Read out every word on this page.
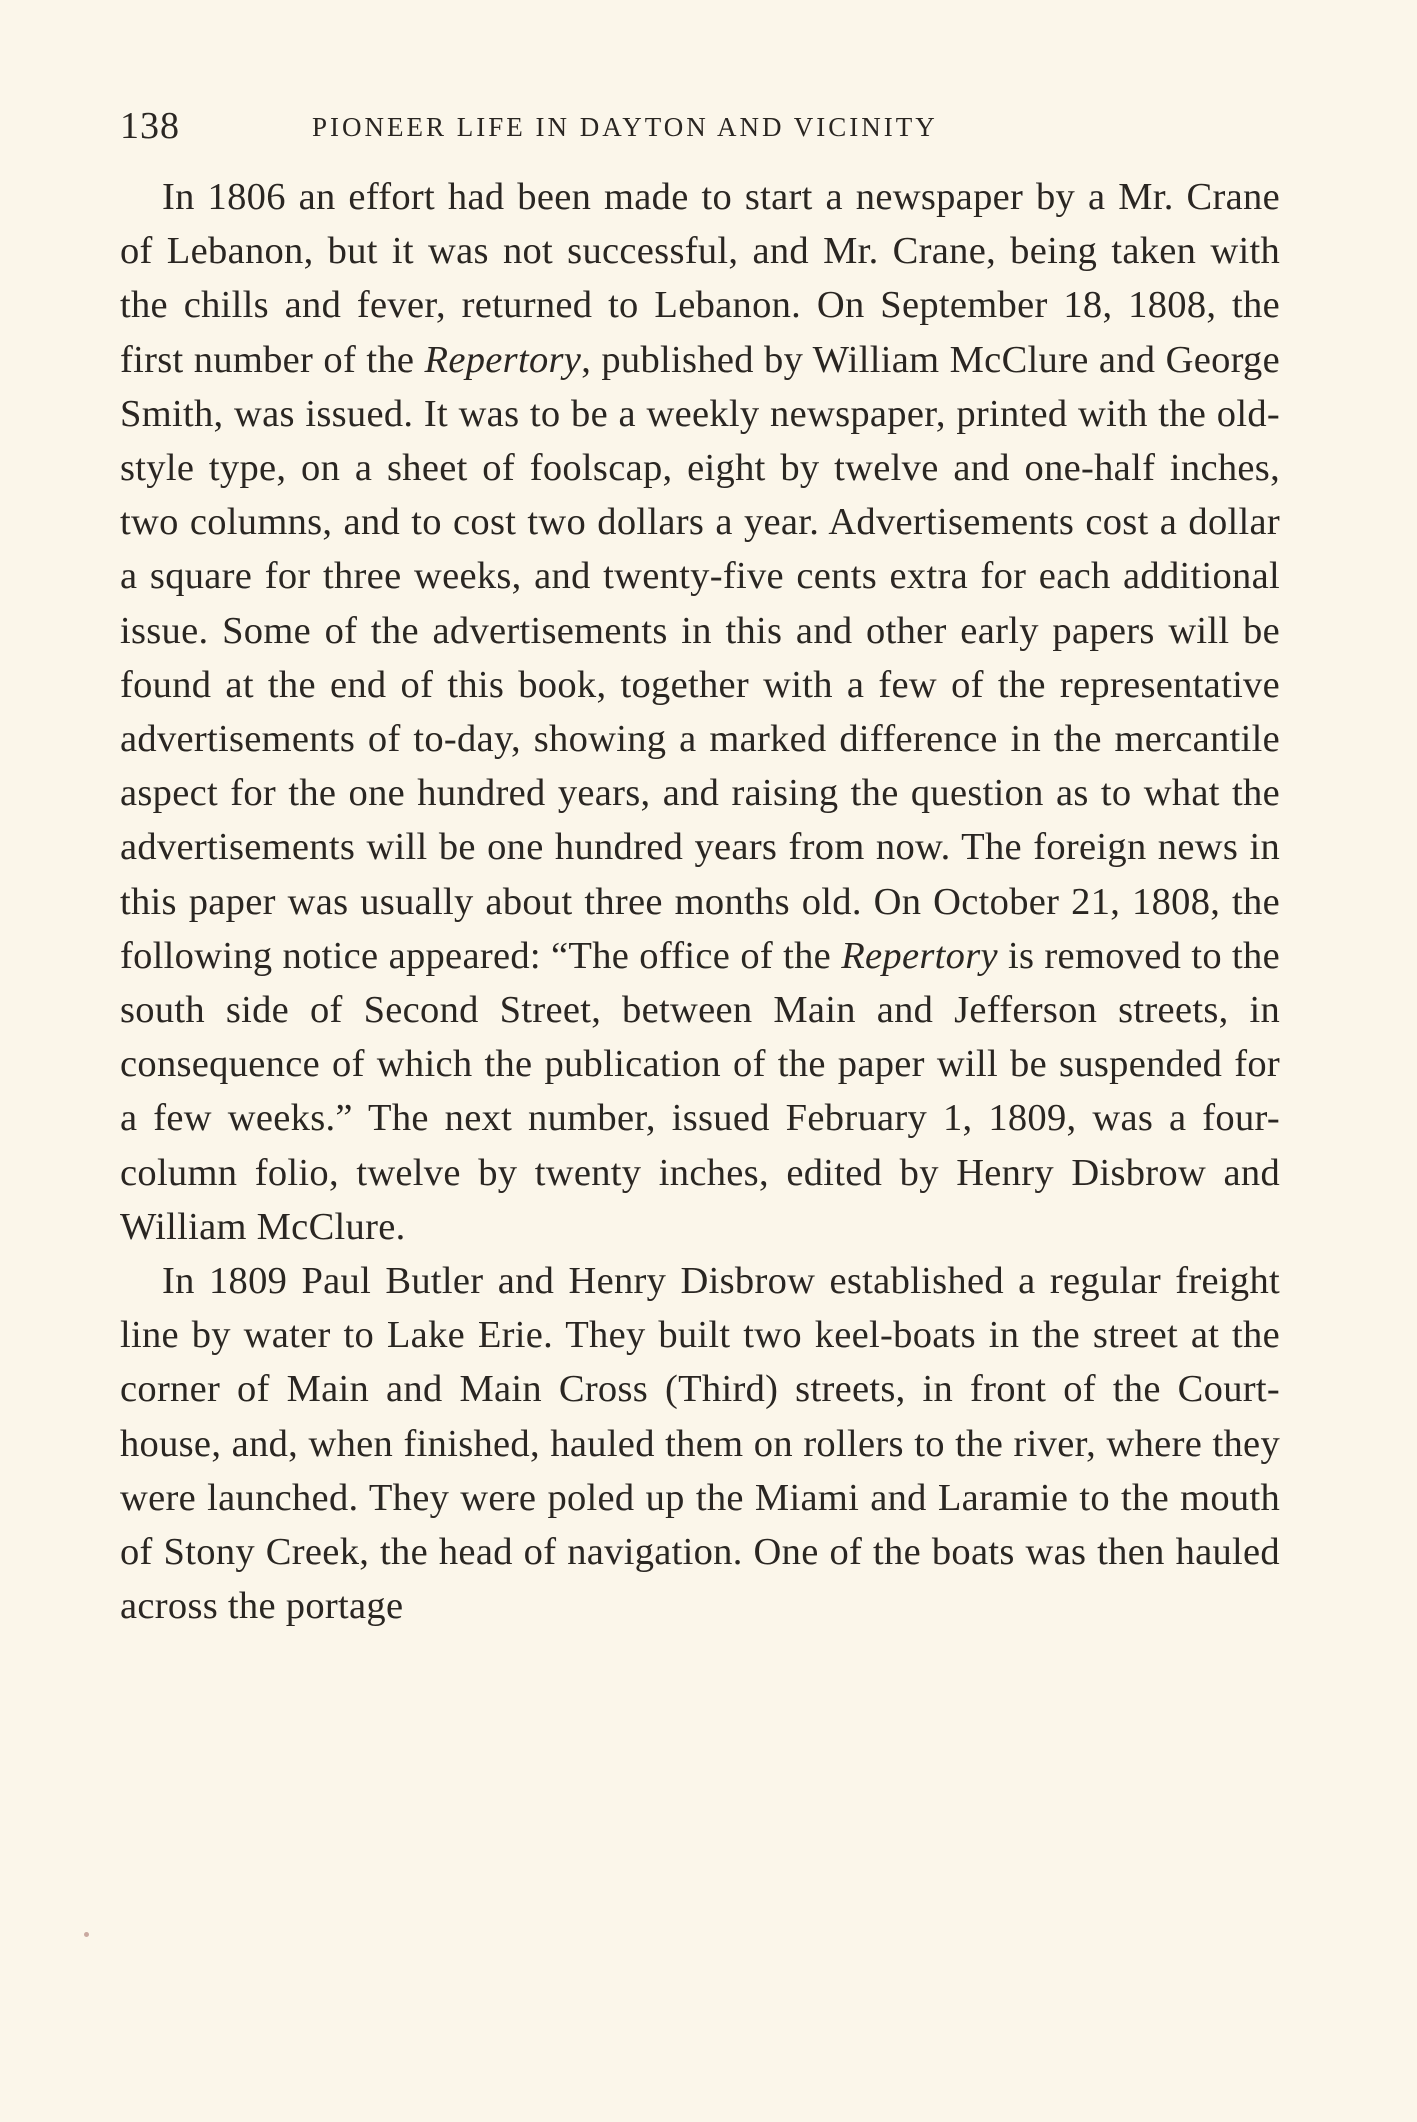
138	PIONEER LIFE IN DAYTON AND VICINITY

In 1806 an effort had been made to start a newspaper by a Mr. Crane of Lebanon, but it was not successful, and Mr. Crane, being taken with the chills and fever, returned to Lebanon. On September 18, 1808, the first number of the Repertory, published by William McClure and George Smith, was issued. It was to be a weekly newspaper, printed with the old-style type, on a sheet of foolscap, eight by twelve and one-half inches, two columns, and to cost two dollars a year. Advertisements cost a dollar a square for three weeks, and twenty-five cents extra for each additional issue. Some of the advertisements in this and other early papers will be found at the end of this book, together with a few of the representative advertisements of to-day, showing a marked difference in the mercantile aspect for the one hundred years, and raising the question as to what the advertisements will be one hundred years from now. The foreign news in this paper was usually about three months old. On October 21, 1808, the following notice appeared: “The office of the Repertory is removed to the south side of Second Street, between Main and Jefferson streets, in consequence of which the publication of the paper will be suspended for a few weeks.” The next number, issued February 1, 1809, was a four-column folio, twelve by twenty inches, edited by Henry Disbrow and William McClure.

In 1809 Paul Butler and Henry Disbrow established a regular freight line by water to Lake Erie. They built two keel-boats in the street at the corner of Main and Main Cross (Third) streets, in front of the Court-house, and, when finished, hauled them on rollers to the river, where they were launched. They were poled up the Miami and Laramie to the mouth of Stony Creek, the head of navigation. One of the boats was then hauled across the portage
